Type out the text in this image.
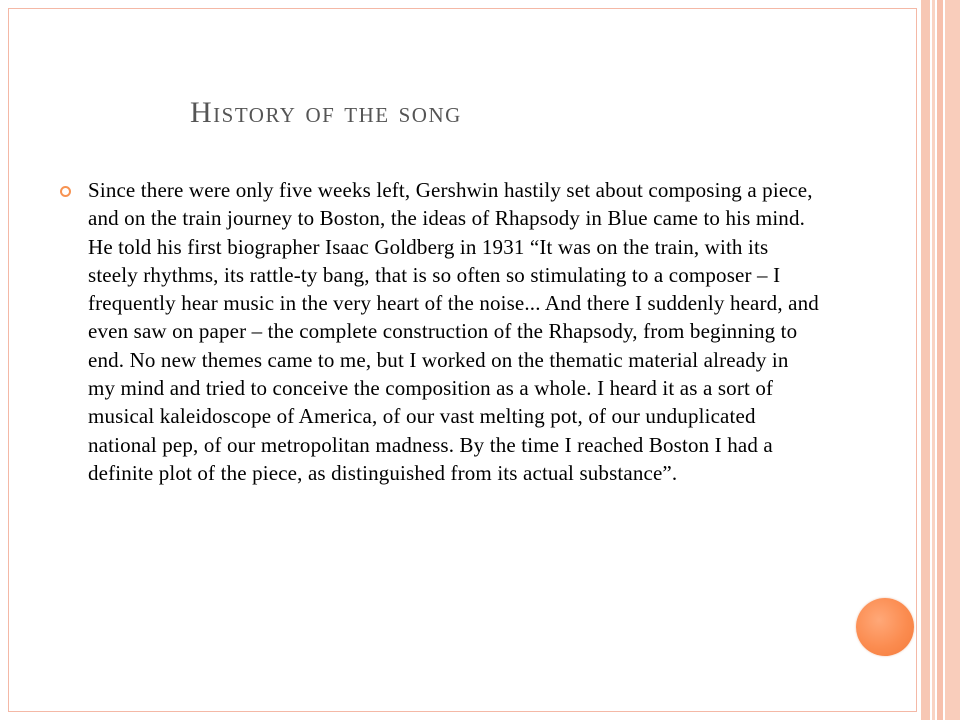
History of the song

Since there were only five weeks left, Gershwin hastily set about composing a piece, and on the train journey to Boston, the ideas of Rhapsody in Blue came to his mind. He told his first biographer Isaac Goldberg in 1931 “It was on the train, with its steely rhythms, its rattle-ty bang, that is so often so stimulating to a composer – I frequently hear music in the very heart of the noise... And there I suddenly heard, and even saw on paper – the complete construction of the Rhapsody, from beginning to end. No new themes came to me, but I worked on the thematic material already in my mind and tried to conceive the composition as a whole. I heard it as a sort of musical kaleidoscope of America, of our vast melting pot, of our unduplicated national pep, of our metropolitan madness. By the time I reached Boston I had a definite plot of the piece, as distinguished from its actual substance”.
